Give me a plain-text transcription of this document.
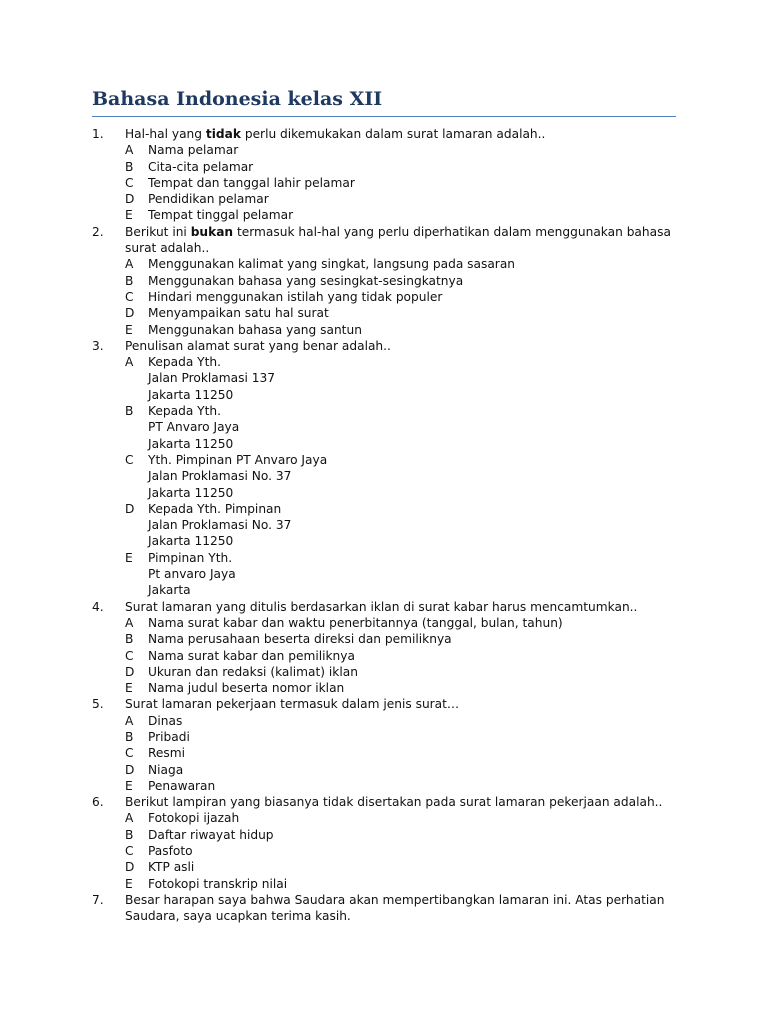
Bahasa Indonesia kelas XII
1.	Hal-hal yang tidak perlu dikemukakan dalam surat lamaran adalah..
A Nama pelamar
B Cita-cita pelamar
C Tempat dan tanggal lahir pelamar
D Pendidikan pelamar
E Tempat tinggal pelamar
2.	Berikut ini bukan termasuk hal-hal yang perlu diperhatikan dalam menggunakan bahasa surat adalah..
A Menggunakan kalimat yang singkat, langsung pada sasaran
B Menggunakan bahasa yang sesingkat-sesingkatnya
C Hindari menggunakan istilah yang tidak populer
D Menyampaikan satu hal surat
E Menggunakan bahasa yang santun
3.	Penulisan alamat surat yang benar adalah..
A Kepada Yth.
Jalan Proklamasi 137
Jakarta 11250
B Kepada Yth.
PT Anvaro Jaya
Jakarta 11250
C Yth. Pimpinan PT Anvaro Jaya
Jalan Proklamasi No. 37
Jakarta 11250
D Kepada Yth. Pimpinan
Jalan Proklamasi No. 37
Jakarta 11250
E Pimpinan Yth.
Pt anvaro Jaya
Jakarta
4.	Surat lamaran yang ditulis berdasarkan iklan di surat kabar harus mencamtumkan..
A Nama surat kabar dan waktu penerbitannya (tanggal, bulan, tahun)
B Nama perusahaan beserta direksi dan pemiliknya
C Nama surat kabar dan pemiliknya
D Ukuran dan redaksi (kalimat) iklan
E Nama judul beserta nomor iklan
5.	Surat lamaran pekerjaan termasuk dalam jenis surat…
A Dinas
B Pribadi
C Resmi
D Niaga
E Penawaran
6.	Berikut lampiran yang biasanya tidak disertakan pada surat lamaran pekerjaan adalah..
A Fotokopi ijazah
B Daftar riwayat hidup
C Pasfoto
D KTP asli
E Fotokopi transkrip nilai
7.	Besar harapan saya bahwa Saudara akan mempertibangkan lamaran ini. Atas perhatian Saudara, saya ucapkan terima kasih.
